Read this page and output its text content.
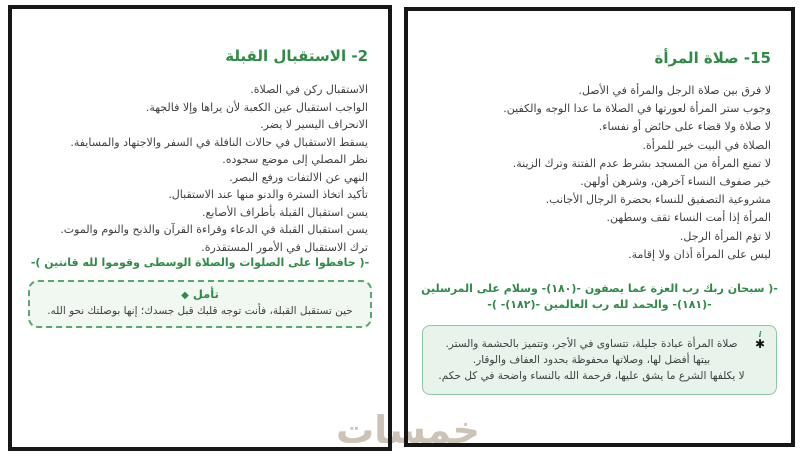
خمسات
2- الاستقبال القبلة
الاستقبال ركن في الصلاة.
الواجب استقبال عين الكعبة لأن يراها وإلا فالجهة.
الانحراف اليسير لا يضر.
يسقط الاستقبال في حالات النافلة في السفر والاجتهاد والمسايفة.
نظر المصلي إلى موضع سجوده.
النهي عن الالتفات ورفع البصر.
تأكيد اتخاذ السترة والدنو منها عند الاستقبال.
يسن استقبال القبلة بأطراف الأصابع.
يسن استقبال القبلة في الدعاء وقراءة القرآن والذبح والنوم والموت.
ترك الاستقبال في الأمور المستقذرة.
-( حافظوا على الصلوات والصلاة الوسطى وقوموا لله قانتين )-
تأمل ◆
حين تستقبل القبلة، فأنت توجه قلبك قبل جسدك؛ إنها بوصلتك نحو الله.
15- صلاة المرأة
لا فرق بين صلاة الرجل والمرأة في الأصل.
وجوب ستر المرأة لعورتها في الصلاة ما عدا الوجه والكفين.
لا صلاة ولا قضاء على حائض أو نفساء.
الصلاة في البيت خير للمرأة.
لا تمنع المرأة من المسجد بشرط عدم الفتنة وترك الزينة.
خير صفوف النساء آخرهن، وشرهن أولهن.
مشروعية التصفيق للنساء بحضرة الرجال الأجانب.
المرأة إذا أمت النساء تقف وسطهن.
لا تؤم المرأة الرجل.
ليس على المرأة أذان ولا إقامة.
-( سبحان ربك رب العزة عما يصفون -(١٨٠)- وسلام على المرسلين
-(١٨١)- والحمد لله رب العالمين -(١٨٢)- )-
i
✱
صلاة المرأة عبادة جليلة، تتساوى في الأجر، وتتميز بالحشمة والستر.
بيتها أفضل لها، وصلاتها محفوظة بحدود العفاف والوقار.
لا يكلفها الشرع ما يشق عليها، فرحمة الله بالنساء واضحة في كل حكم.
